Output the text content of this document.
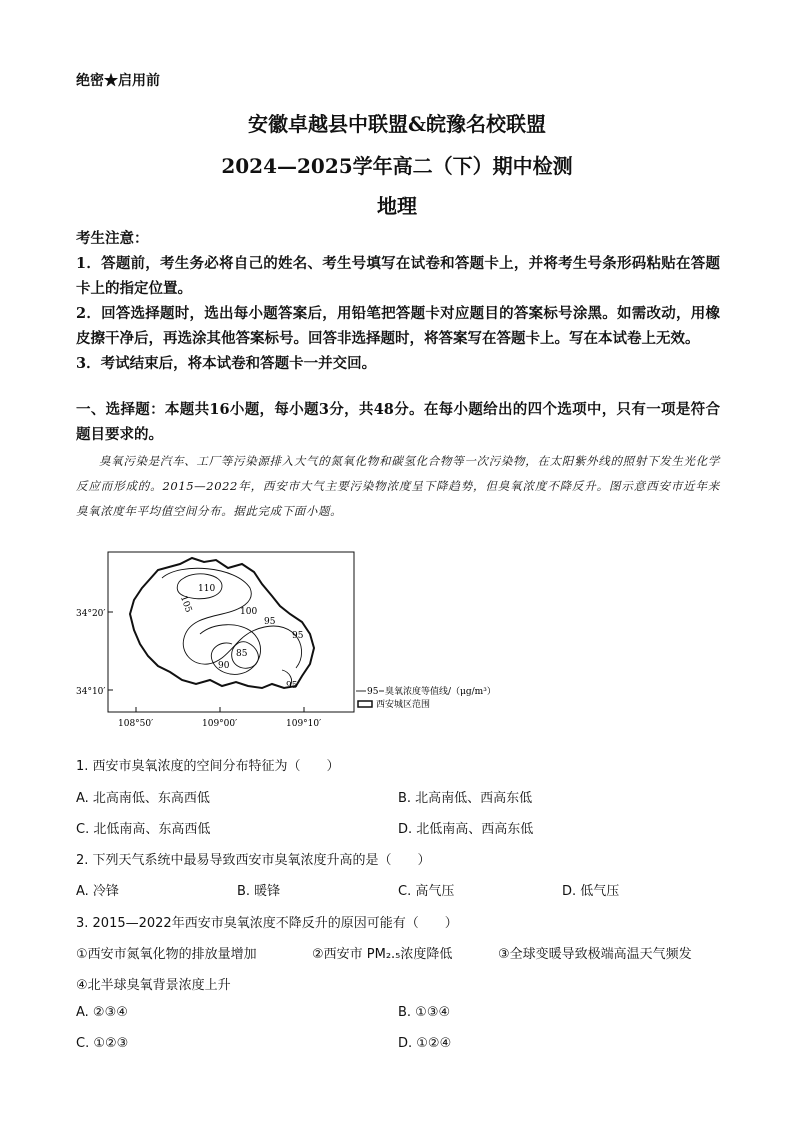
绝密★启用前
安徽卓越县中联盟&皖豫名校联盟
2024—2025学年高二（下）期中检测
地理

考生注意：

1．答题前，考生务必将自己的姓名、考生号填写在试卷和答题卡上，并将考生号条形码粘贴在答题卡上的指定位置。

2．回答选择题时，选出每小题答案后，用铅笔把答题卡对应题目的答案标号涂黑。如需改动，用橡皮擦干净后，再选涂其他答案标号。回答非选择题时，将答案写在答题卡上。写在本试卷上无效。

3．考试结束后，将本试卷和答题卡一并交回。

一、选择题：本题共16小题，每小题3分，共48分。在每小题给出的四个选项中，只有一项是符合题目要求的。
臭氧污染是汽车、工厂等污染源排入大气的氮氧化物和碳氢化合物等一次污染物，在太阳紫外线的照射下发生光化学反应而形成的。2015—2022年，西安市大气主要污染物浓度呈下降趋势，但臭氧浓度不降反升。图示意西安市近年来臭氧浓度年平均值空间分布。据此完成下面小题。
110
105	100
95
95
90
85
95
34°20′
34°10′
108°50′	109°00′	109°10′
95 臭氧浓度等值线/（μg/m³）
西安城区范围
1. 西安市臭氧浓度的空间分布特征为（　　）
A. 北高南低、东高西低	B. 北高南低、西高东低
C. 北低南高、东高西低	D. 北低南高、西高东低
2. 下列天气系统中最易导致西安市臭氧浓度升高的是（　　）
A. 冷锋	B. 暖锋	C. 高气压	D. 低气压
3. 2015—2022年西安市臭氧浓度不降反升的原因可能有（　　）
①西安市氮氧化物的排放量增加	②西安市 PM₂.₅浓度降低	③全球变暖导致极端高温天气频发
④北半球臭氧背景浓度上升
A. ②③④	B. ①③④
C. ①②③	D. ①②④
